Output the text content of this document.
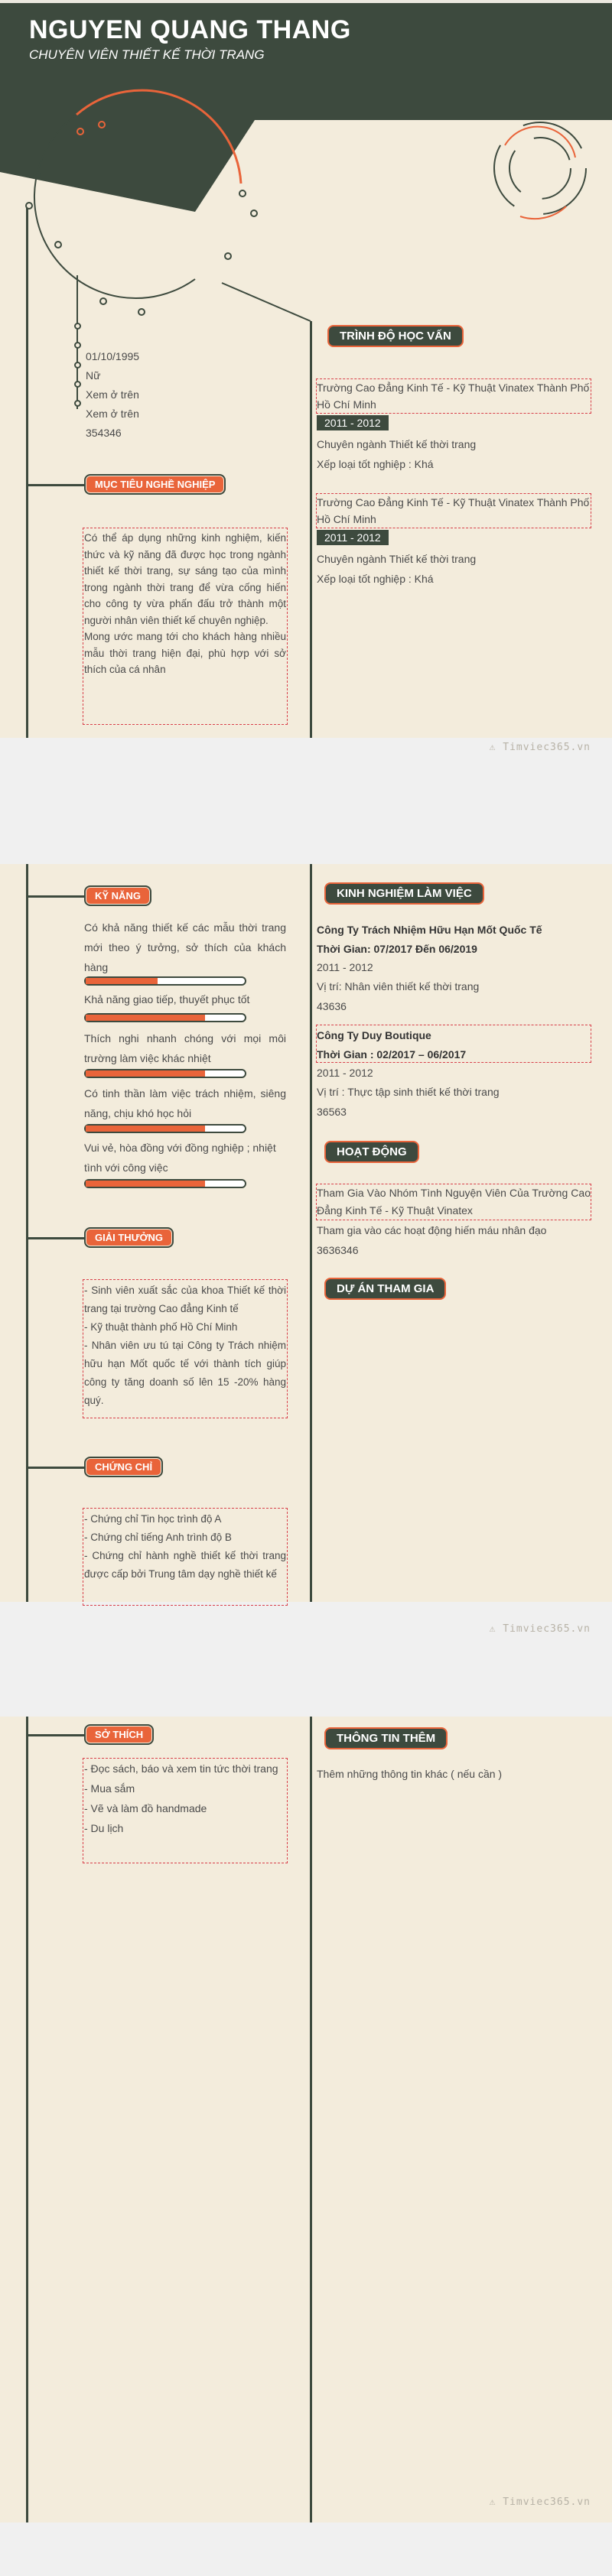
NGUYEN QUANG THANG
CHUYÊN VIÊN THIẾT KẾ THỜI TRANG
01/10/1995
Nữ
Xem ở trên
Xem ở trên
354346
MỤC TIÊU NGHỀ NGHIỆP
Có thể áp dụng những kinh nghiệm, kiến thức và kỹ năng đã được học trong ngành thiết kế thời trang, sự sáng tạo của mình trong ngành thời trang để vừa cống hiến cho công ty vừa phấn đấu trở thành một người nhân viên thiết kế chuyên nghiệp.
Mong ước mang tới cho khách hàng nhiều mẫu thời trang hiện đại, phù hợp với sở thích của cá nhân
TRÌNH ĐỘ HỌC VẤN
Trường Cao Đẳng Kinh Tế - Kỹ Thuật Vinatex Thành Phố Hồ Chí Minh
2011 - 2012
Chuyên ngành Thiết kế thời trang
Xếp loại tốt nghiệp : Khá
Trường Cao Đẳng Kinh Tế - Kỹ Thuật Vinatex Thành Phố Hồ Chí Minh
2011 - 2012
Chuyên ngành Thiết kế thời trang
Xếp loại tốt nghiệp : Khá
⚠ Timviec365.vn
KỸ NĂNG
Có khả năng thiết kế các mẫu thời trang mới theo ý tưởng, sở thích của khách hàng
Khả năng giao tiếp, thuyết phục tốt
Thích nghi nhanh chóng với mọi môi trường làm việc khác nhiệt
Có tinh thần làm việc trách nhiệm, siêng năng, chịu khó học hỏi
Vui vẻ, hòa đồng với đồng nghiệp ; nhiệt tình với công việc
GIẢI THƯỞNG
- Sinh viên xuất sắc của khoa Thiết kế thời trang tại trường Cao đẳng Kinh tế
- Kỹ thuật thành phố Hồ Chí Minh
- Nhân viên ưu tú tại Công ty Trách nhiệm hữu hạn Mốt quốc tế với thành tích giúp công ty tăng doanh số lên 15 -20% hàng quý.
CHỨNG CHỈ
- Chứng chỉ Tin học trình độ A
- Chứng chỉ tiếng Anh trình độ B
- Chứng chỉ hành nghề thiết kế thời trang được cấp bởi Trung tâm dạy nghề thiết kế
KINH NGHIỆM LÀM VIỆC
Công Ty Trách Nhiệm Hữu Hạn Mốt Quốc Tế
Thời Gian: 07/2017 Đến 06/2019
2011 - 2012
Vị trí: Nhân viên thiết kế thời trang
43636
Công Ty Duy Boutique
Thời Gian : 02/2017 – 06/2017
2011 - 2012
Vị trí : Thực tập sinh thiết kế thời trang
36563
HOẠT ĐỘNG
Tham Gia Vào Nhóm Tình Nguyện Viên Của Trường Cao Đẳng Kinh Tế - Kỹ Thuật Vinatex
Tham gia vào các hoạt động hiến máu nhân đạo
3636346
DỰ ÁN THAM GIA
⚠ Timviec365.vn
SỞ THÍCH
- Đọc sách, báo và xem tin tức thời trang
- Mua sắm
- Vẽ và làm đồ handmade
- Du lịch
THÔNG TIN THÊM
Thêm những thông tin khác ( nếu cần )
⚠ Timviec365.vn
